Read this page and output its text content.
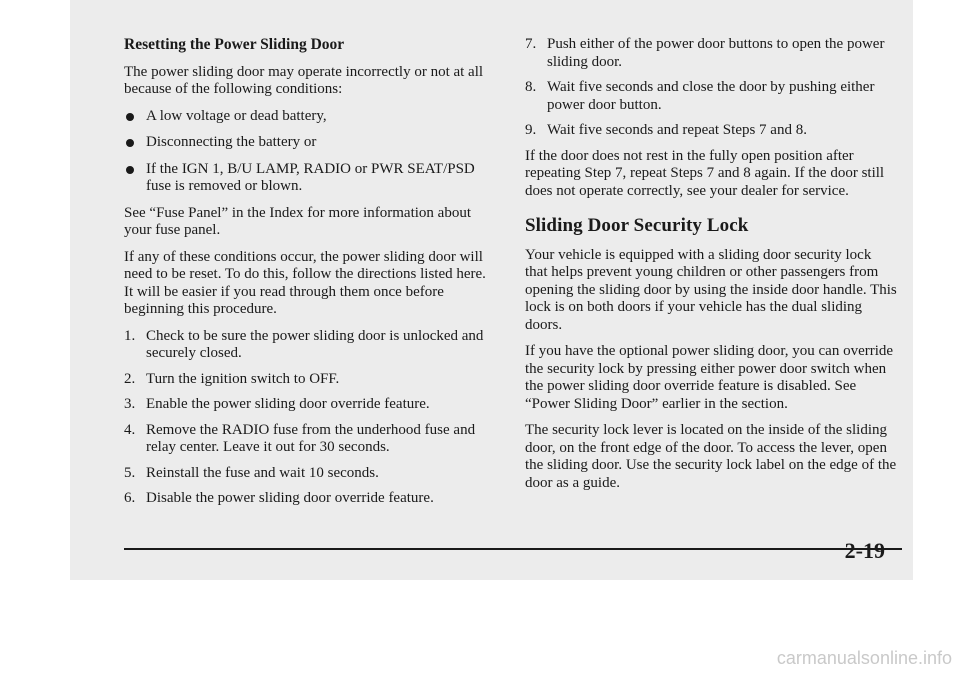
Resetting the Power Sliding Door

The power sliding door may operate incorrectly or not at all because of the following conditions:

A low voltage or dead battery,
Disconnecting the battery or
If the IGN 1, B/U LAMP, RADIO or PWR SEAT/PSD fuse is removed or blown.

See “Fuse Panel” in the Index for more information about your fuse panel.

If any of these conditions occur, the power sliding door will need to be reset. To do this, follow the directions listed here. It will be easier if you read through them once before beginning this procedure.

1. Check to be sure the power sliding door is unlocked and securely closed.
2. Turn the ignition switch to OFF.
3. Enable the power sliding door override feature.
4. Remove the RADIO fuse from the underhood fuse and relay center. Leave it out for 30 seconds.
5. Reinstall the fuse and wait 10 seconds.
6. Disable the power sliding door override feature.
7. Push either of the power door buttons to open the power sliding door.
8. Wait five seconds and close the door by pushing either power door button.
9. Wait five seconds and repeat Steps 7 and 8.

If the door does not rest in the fully open position after repeating Step 7, repeat Steps 7 and 8 again. If the door still does not operate correctly, see your dealer for service.

Sliding Door Security Lock

Your vehicle is equipped with a sliding door security lock that helps prevent young children or other passengers from opening the sliding door by using the inside door handle. This lock is on both doors if your vehicle has the dual sliding doors.

If you have the optional power sliding door, you can override the security lock by pressing either power door switch when the power sliding door override feature is disabled. See “Power Sliding Door” earlier in the section.

The security lock lever is located on the inside of the sliding door, on the front edge of the door. To access the lever, open the sliding door. Use the security lock label on the edge of the door as a guide.

2-19
carmanualsonline.info
